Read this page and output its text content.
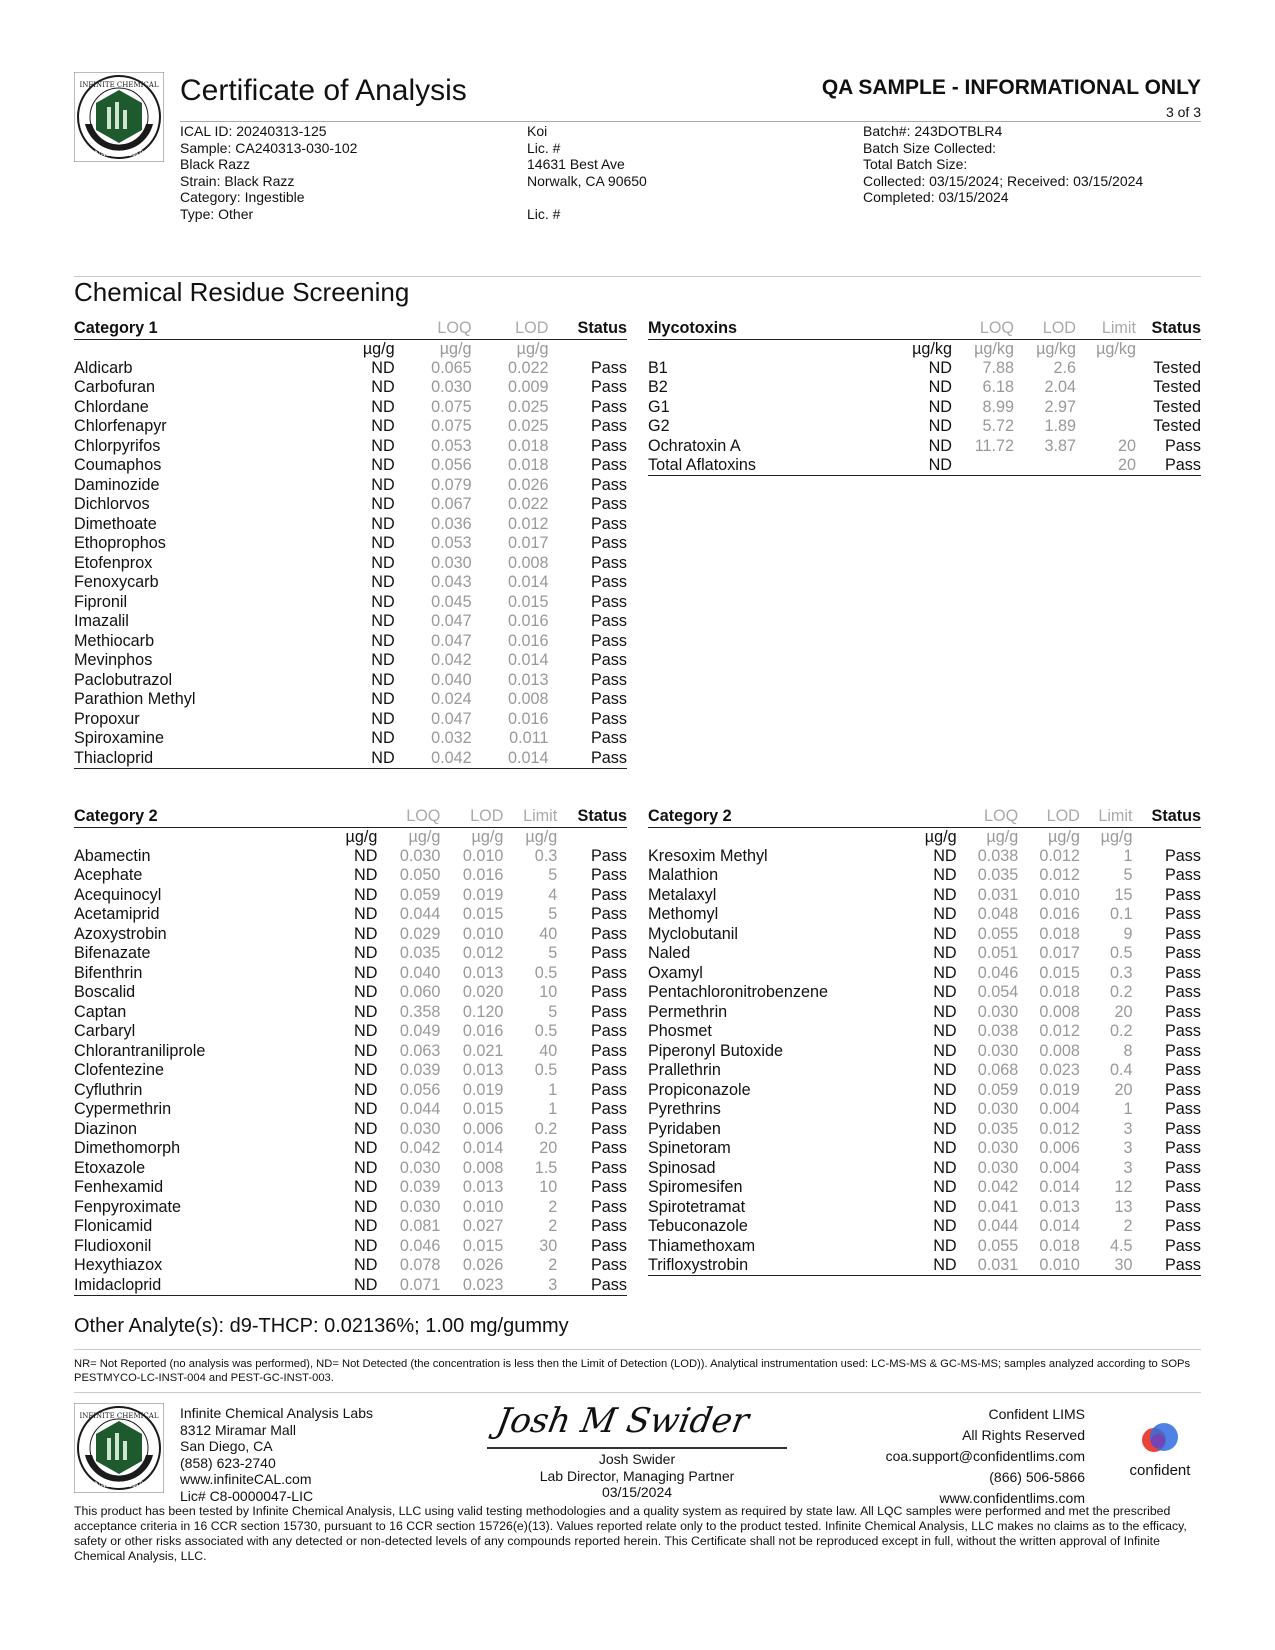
INFINITE CHEMICAL
ANALYSIS LABS
Certificate of Analysis	QA SAMPLE - INFORMATIONAL ONLY
3 of 3
ICAL ID: 20240313-125
Sample: CA240313-030-102
Black Razz
Strain: Black Razz
Category: Ingestible
Type: Other
Koi
Lic. #
14631 Best Ave
Norwalk, CA 90650
Lic. #
Batch#: 243DOTBLR4
Batch Size Collected:
Total Batch Size:
Collected: 03/15/2024; Received: 03/15/2024
Completed: 03/15/2024
Chemical Residue Screening
Category 1		LOQ	LOD	Status
	µg/g	µg/g	µg/g	
Aldicarb	ND	0.065	0.022	Pass
Carbofuran	ND	0.030	0.009	Pass
Chlordane	ND	0.075	0.025	Pass
Chlorfenapyr	ND	0.075	0.025	Pass
Chlorpyrifos	ND	0.053	0.018	Pass
Coumaphos	ND	0.056	0.018	Pass
Daminozide	ND	0.079	0.026	Pass
Dichlorvos	ND	0.067	0.022	Pass
Dimethoate	ND	0.036	0.012	Pass
Ethoprophos	ND	0.053	0.017	Pass
Etofenprox	ND	0.030	0.008	Pass
Fenoxycarb	ND	0.043	0.014	Pass
Fipronil	ND	0.045	0.015	Pass
Imazalil	ND	0.047	0.016	Pass
Methiocarb	ND	0.047	0.016	Pass
Mevinphos	ND	0.042	0.014	Pass
Paclobutrazol	ND	0.040	0.013	Pass
Parathion Methyl	ND	0.024	0.008	Pass
Propoxur	ND	0.047	0.016	Pass
Spiroxamine	ND	0.032	0.011	Pass
Thiacloprid	ND	0.042	0.014	Pass
Mycotoxins		LOQ	LOD	Limit	Status
	µg/kg	µg/kg	µg/kg	µg/kg	
B1	ND	7.88	2.6		Tested
B2	ND	6.18	2.04		Tested
G1	ND	8.99	2.97		Tested
G2	ND	5.72	1.89		Tested
Ochratoxin A	ND	11.72	3.87	20	Pass
Total Aflatoxins	ND			20	Pass
Category 2		LOQ	LOD	Limit	Status
	µg/g	µg/g	µg/g	µg/g	
Abamectin	ND	0.030	0.010	0.3	Pass
Acephate	ND	0.050	0.016	5	Pass
Acequinocyl	ND	0.059	0.019	4	Pass
Acetamiprid	ND	0.044	0.015	5	Pass
Azoxystrobin	ND	0.029	0.010	40	Pass
Bifenazate	ND	0.035	0.012	5	Pass
Bifenthrin	ND	0.040	0.013	0.5	Pass
Boscalid	ND	0.060	0.020	10	Pass
Captan	ND	0.358	0.120	5	Pass
Carbaryl	ND	0.049	0.016	0.5	Pass
Chlorantraniliprole	ND	0.063	0.021	40	Pass
Clofentezine	ND	0.039	0.013	0.5	Pass
Cyfluthrin	ND	0.056	0.019	1	Pass
Cypermethrin	ND	0.044	0.015	1	Pass
Diazinon	ND	0.030	0.006	0.2	Pass
Dimethomorph	ND	0.042	0.014	20	Pass
Etoxazole	ND	0.030	0.008	1.5	Pass
Fenhexamid	ND	0.039	0.013	10	Pass
Fenpyroximate	ND	0.030	0.010	2	Pass
Flonicamid	ND	0.081	0.027	2	Pass
Fludioxonil	ND	0.046	0.015	30	Pass
Hexythiazox	ND	0.078	0.026	2	Pass
Imidacloprid	ND	0.071	0.023	3	Pass
Category 2		LOQ	LOD	Limit	Status
	µg/g	µg/g	µg/g	µg/g	
Kresoxim Methyl	ND	0.038	0.012	1	Pass
Malathion	ND	0.035	0.012	5	Pass
Metalaxyl	ND	0.031	0.010	15	Pass
Methomyl	ND	0.048	0.016	0.1	Pass
Myclobutanil	ND	0.055	0.018	9	Pass
Naled	ND	0.051	0.017	0.5	Pass
Oxamyl	ND	0.046	0.015	0.3	Pass
Pentachloronitrobenzene	ND	0.054	0.018	0.2	Pass
Permethrin	ND	0.030	0.008	20	Pass
Phosmet	ND	0.038	0.012	0.2	Pass
Piperonyl Butoxide	ND	0.030	0.008	8	Pass
Prallethrin	ND	0.068	0.023	0.4	Pass
Propiconazole	ND	0.059	0.019	20	Pass
Pyrethrins	ND	0.030	0.004	1	Pass
Pyridaben	ND	0.035	0.012	3	Pass
Spinetoram	ND	0.030	0.006	3	Pass
Spinosad	ND	0.030	0.004	3	Pass
Spiromesifen	ND	0.042	0.014	12	Pass
Spirotetramat	ND	0.041	0.013	13	Pass
Tebuconazole	ND	0.044	0.014	2	Pass
Thiamethoxam	ND	0.055	0.018	4.5	Pass
Trifloxystrobin	ND	0.031	0.010	30	Pass
Other Analyte(s): d9-THCP: 0.02136%; 1.00 mg/gummy
NR= Not Reported (no analysis was performed), ND= Not Detected (the concentration is less then the Limit of Detection (LOD)). Analytical instrumentation used: LC-MS-MS & GC-MS-MS; samples analyzed according to SOPs PESTMYCO-LC-INST-004 and PEST-GC-INST-003.
INFINITE CHEMICAL
ANALYSIS LABS
Infinite Chemical Analysis Labs
8312 Miramar Mall
San Diego, CA
(858) 623-2740
www.infiniteCAL.com
Lic# C8-0000047-LIC
Josh M Swider
Josh Swider
Lab Director, Managing Partner
03/15/2024
Confident LIMS
All Rights Reserved
coa.support@confidentlims.com
(866) 506-5866
www.confidentlims.com
confident
This product has been tested by Infinite Chemical Analysis, LLC using valid testing methodologies and a quality system as required by state law. All LQC samples were performed and met the prescribed acceptance criteria in 16 CCR section 15730, pursuant to 16 CCR section 15726(e)(13). Values reported relate only to the product tested. Infinite Chemical Analysis, LLC makes no claims as to the efficacy, safety or other risks associated with any detected or non-detected levels of any compounds reported herein. This Certificate shall not be reproduced except in full, without the written approval of Infinite Chemical Analysis, LLC.
